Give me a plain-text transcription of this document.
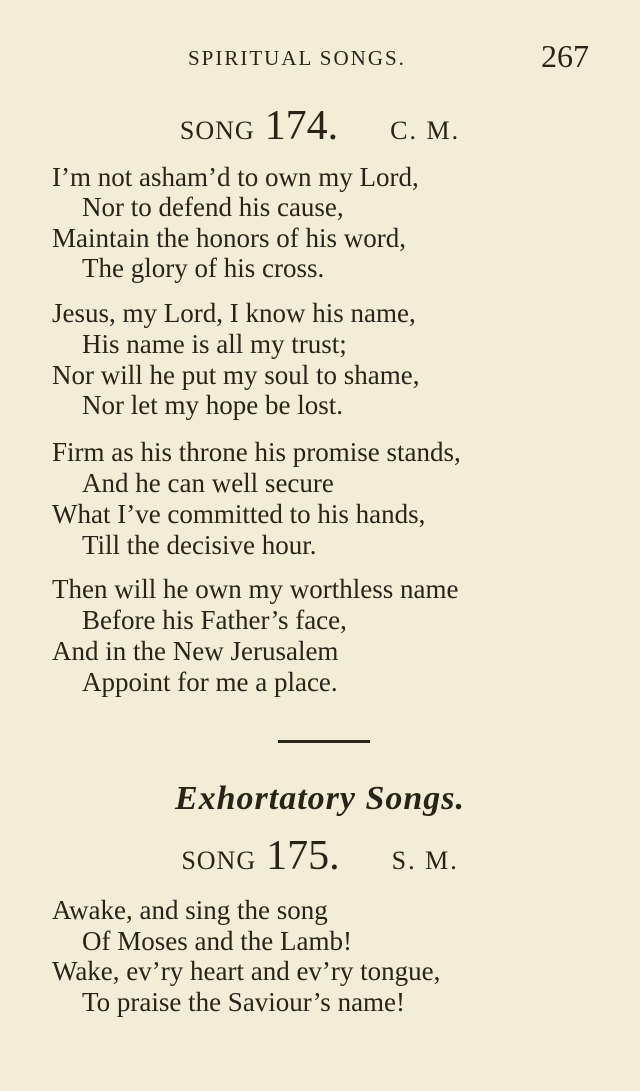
SPIRITUAL SONGS.	267
SONG 174. C. M.
I’m not asham’d to own my Lord,
Nor to defend his cause,
Maintain the honors of his word,
The glory of his cross.
Jesus, my Lord, I know his name,
His name is all my trust;
Nor will he put my soul to shame,
Nor let my hope be lost.
Firm as his throne his promise stands,
And he can well secure
What I’ve committed to his hands,
Till the decisive hour.
Then will he own my worthless name
Before his Father’s face,
And in the New Jerusalem
Appoint for me a place.
Exhortatory Songs.
SONG 175. S. M.
Awake, and sing the song
Of Moses and the Lamb!
Wake, ev’ry heart and ev’ry tongue,
To praise the Saviour’s name!
